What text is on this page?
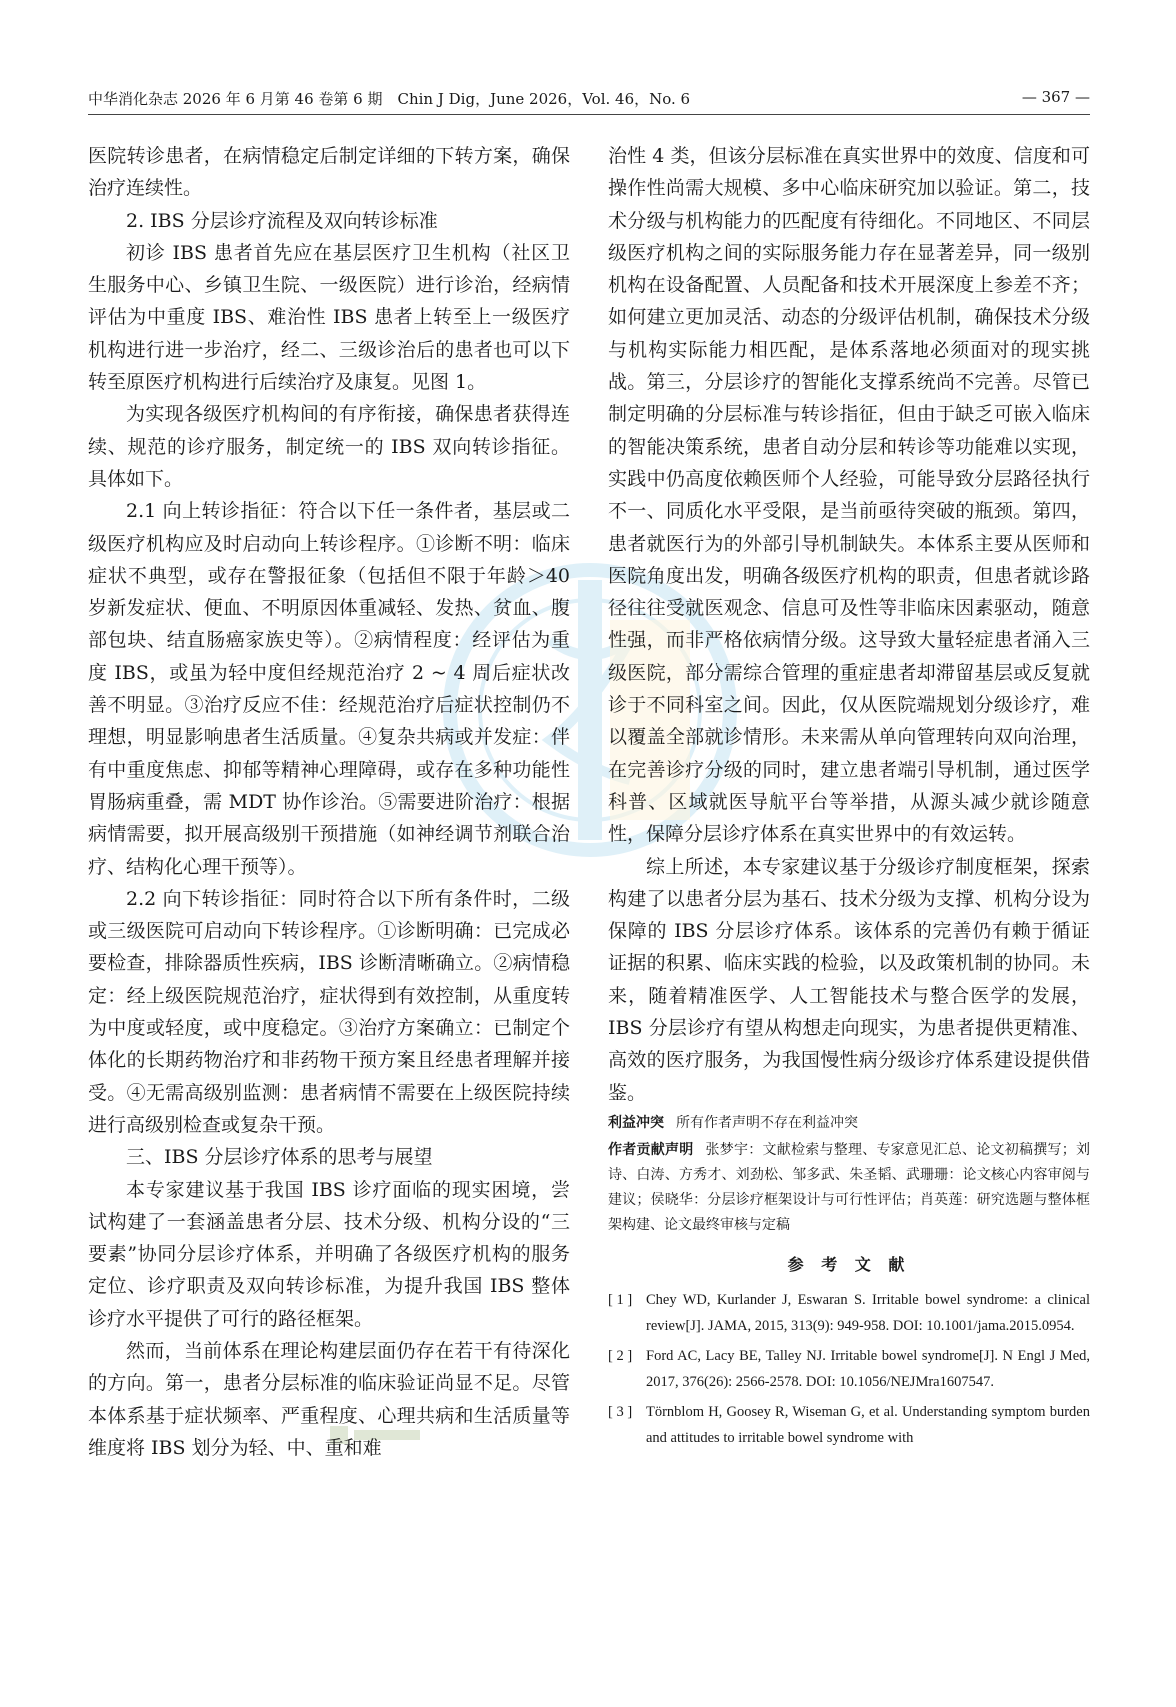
中华消化杂志 2026 年 6 月第 46 卷第 6 期　Chin J Dig，June 2026，Vol. 46，No. 6	— 367 —

医院转诊患者，在病情稳定后制定详细的下转方案，确保治疗连续性。

2. IBS 分层诊疗流程及双向转诊标准

初诊 IBS 患者首先应在基层医疗卫生机构（社区卫生服务中心、乡镇卫生院、一级医院）进行诊治，经病情评估为中重度 IBS、难治性 IBS 患者上转至上一级医疗机构进行进一步治疗，经二、三级诊治后的患者也可以下转至原医疗机构进行后续治疗及康复。见图 1。

为实现各级医疗机构间的有序衔接，确保患者获得连续、规范的诊疗服务，制定统一的 IBS 双向转诊指征。具体如下。

2.1 向上转诊指征：符合以下任一条件者，基层或二级医疗机构应及时启动向上转诊程序。①诊断不明：临床症状不典型，或存在警报征象（包括但不限于年龄＞40 岁新发症状、便血、不明原因体重减轻、发热、贫血、腹部包块、结直肠癌家族史等）。②病情程度：经评估为重度 IBS，或虽为轻中度但经规范治疗 2 ~ 4 周后症状改善不明显。③治疗反应不佳：经规范治疗后症状控制仍不理想，明显影响患者生活质量。④复杂共病或并发症：伴有中重度焦虑、抑郁等精神心理障碍，或存在多种功能性胃肠病重叠，需 MDT 协作诊治。⑤需要进阶治疗：根据病情需要，拟开展高级别干预措施（如神经调节剂联合治疗、结构化心理干预等）。

2.2 向下转诊指征：同时符合以下所有条件时，二级或三级医院可启动向下转诊程序。①诊断明确：已完成必要检查，排除器质性疾病，IBS 诊断清晰确立。②病情稳定：经上级医院规范治疗，症状得到有效控制，从重度转为中度或轻度，或中度稳定。③治疗方案确立：已制定个体化的长期药物治疗和非药物干预方案且经患者理解并接受。④无需高级别监测：患者病情不需要在上级医院持续进行高级别检查或复杂干预。

三、IBS 分层诊疗体系的思考与展望

本专家建议基于我国 IBS 诊疗面临的现实困境，尝试构建了一套涵盖患者分层、技术分级、机构分设的“三要素”协同分层诊疗体系，并明确了各级医疗机构的服务定位、诊疗职责及双向转诊标准，为提升我国 IBS 整体诊疗水平提供了可行的路径框架。

然而，当前体系在理论构建层面仍存在若干有待深化的方向。第一，患者分层标准的临床验证尚显不足。尽管本体系基于症状频率、严重程度、心理共病和生活质量等维度将 IBS 划分为轻、中、重和难

治性 4 类，但该分层标准在真实世界中的效度、信度和可操作性尚需大规模、多中心临床研究加以验证。第二，技术分级与机构能力的匹配度有待细化。不同地区、不同层级医疗机构之间的实际服务能力存在显著差异，同一级别机构在设备配置、人员配备和技术开展深度上参差不齐；如何建立更加灵活、动态的分级评估机制，确保技术分级与机构实际能力相匹配，是体系落地必须面对的现实挑战。第三，分层诊疗的智能化支撑系统尚不完善。尽管已制定明确的分层标准与转诊指征，但由于缺乏可嵌入临床的智能决策系统，患者自动分层和转诊等功能难以实现，实践中仍高度依赖医师个人经验，可能导致分层路径执行不一、同质化水平受限，是当前亟待突破的瓶颈。第四，患者就医行为的外部引导机制缺失。本体系主要从医师和医院角度出发，明确各级医疗机构的职责，但患者就诊路径往往受就医观念、信息可及性等非临床因素驱动，随意性强，而非严格依病情分级。这导致大量轻症患者涌入三级医院，部分需综合管理的重症患者却滞留基层或反复就诊于不同科室之间。因此，仅从医院端规划分级诊疗，难以覆盖全部就诊情形。未来需从单向管理转向双向治理，在完善诊疗分级的同时，建立患者端引导机制，通过医学科普、区域就医导航平台等举措，从源头减少就诊随意性，保障分层诊疗体系在真实世界中的有效运转。

综上所述，本专家建议基于分级诊疗制度框架，探索构建了以患者分层为基石、技术分级为支撑、机构分设为保障的 IBS 分层诊疗体系。该体系的完善仍有赖于循证证据的积累、临床实践的检验，以及政策机制的协同。未来，随着精准医学、人工智能技术与整合医学的发展，IBS 分层诊疗有望从构想走向现实，为患者提供更精准、高效的医疗服务，为我国慢性病分级诊疗体系建设提供借鉴。

利益冲突 所有作者声明不存在利益冲突

作者贡献声明 张梦宇：文献检索与整理、专家意见汇总、论文初稿撰写；刘诗、白涛、方秀才、刘劲松、邹多武、朱圣韬、武珊珊：论文核心内容审阅与建议；侯晓华：分层诊疗框架设计与可行性评估；肖英莲：研究选题与整体框架构建、论文最终审核与定稿

参 考 文 献

[ 1 ] Chey WD, Kurlander J, Eswaran S. Irritable bowel syndrome: a clinical review[J]. JAMA, 2015, 313(9): 949-958. DOI: 10.1001/jama.2015.0954.

[ 2 ] Ford AC, Lacy BE, Talley NJ. Irritable bowel syndrome[J]. N Engl J Med, 2017, 376(26): 2566-2578. DOI: 10.1056/NEJMra1607547.

[ 3 ] Törnblom H, Goosey R, Wiseman G, et al. Understanding symptom burden and attitudes to irritable bowel syndrome with
